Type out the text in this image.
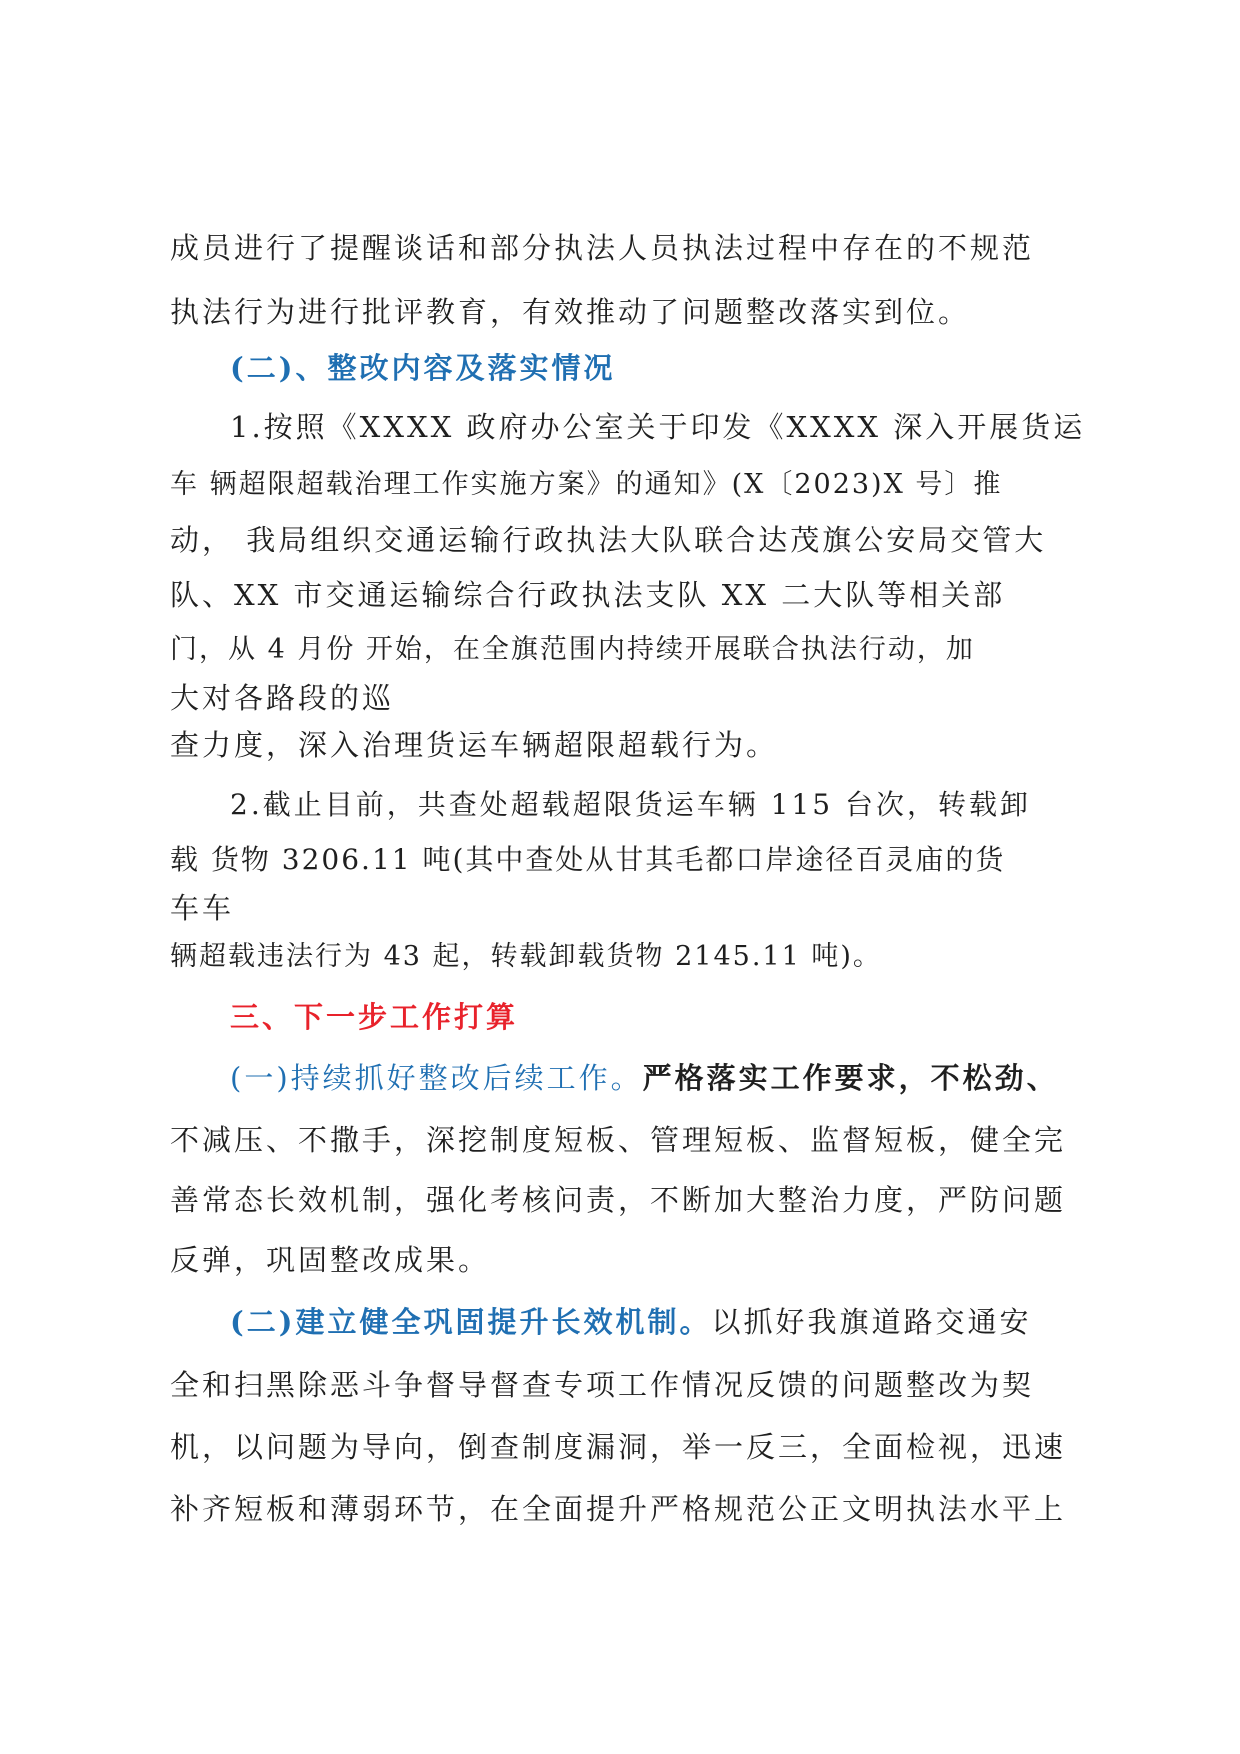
成员进行了提醒谈话和部分执法人员执法过程中存在的不规范
执法行为进行批评教育，有效推动了问题整改落实到位。
(二)、整改内容及落实情况
1.按照《XXXX 政府办公室关于印发《XXXX 深入开展货运
车 辆超限超载治理工作实施方案》的通知》(X〔2023)X 号〕推
动， 我局组织交通运输行政执法大队联合达茂旗公安局交管大
队、XX 市交通运输综合行政执法支队 XX 二大队等相关部
门，从 4 月份 开始，在全旗范围内持续开展联合执法行动，加
大对各路段的巡
查力度，深入治理货运车辆超限超载行为。
2.截止目前，共查处超载超限货运车辆 115 台次，转载卸
载 货物 3206.11 吨(其中查处从甘其毛都口岸途径百灵庙的货
车车
辆超载违法行为 43 起，转载卸载货物 2145.11 吨)。
三、下一步工作打算
(一)持续抓好整改后续工作。严格落实工作要求，不松劲、
不减压、不撒手，深挖制度短板、管理短板、监督短板，健全完
善常态长效机制，强化考核问责，不断加大整治力度，严防问题
反弹，巩固整改成果。
(二)建立健全巩固提升长效机制。以抓好我旗道路交通安
全和扫黑除恶斗争督导督查专项工作情况反馈的问题整改为契
机，以问题为导向，倒查制度漏洞，举一反三，全面检视，迅速
补齐短板和薄弱环节，在全面提升严格规范公正文明执法水平上
